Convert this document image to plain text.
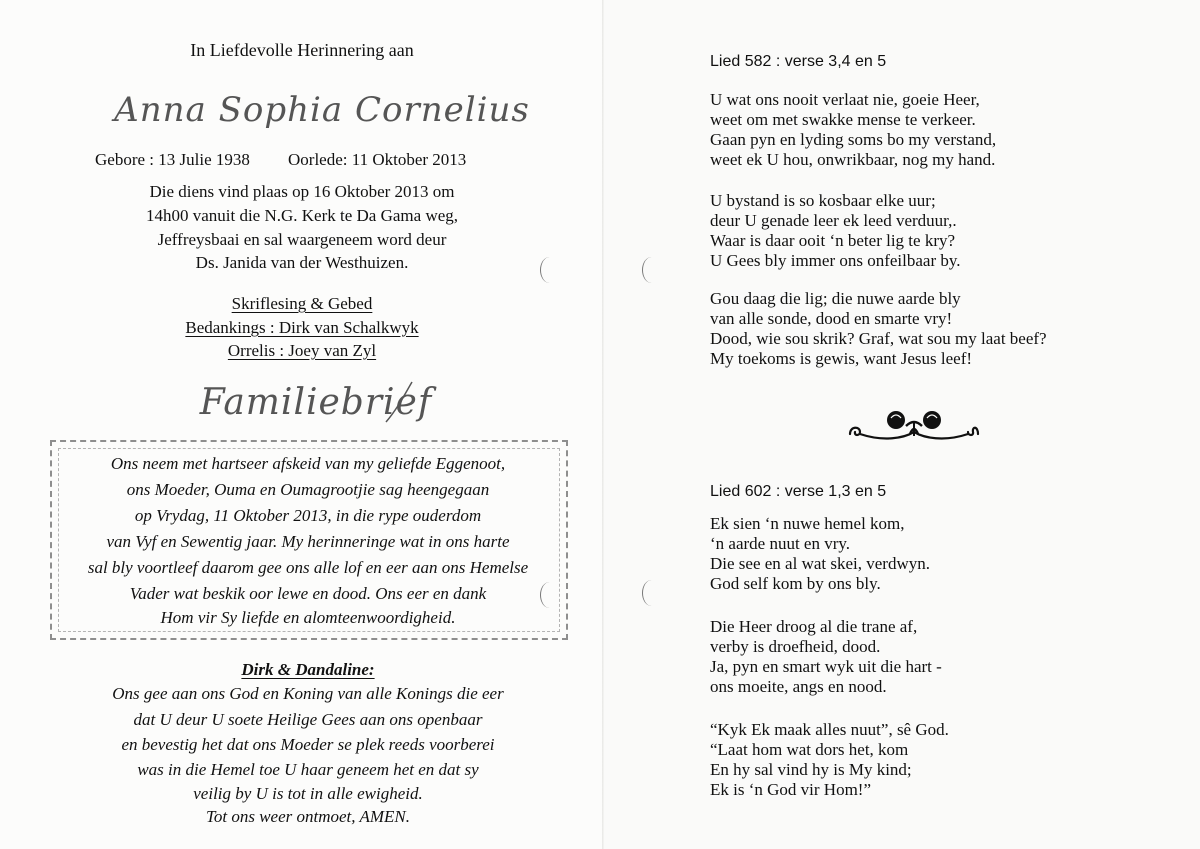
In Liefdevolle Herinnering aan
Anna Sophia Cornelius
Gebore : 13 Julie 1938 Oorlede: 11 Oktober 2013
Die diens vind plaas op 16 Oktober 2013 om
14h00 vanuit die N.G. Kerk te Da Gama weg,
Jeffreysbaai en sal waargeneem word deur
Ds. Janida van der Westhuizen.
Skriflesing & Gebed
Bedankings : Dirk van Schalkwyk
Orrelis : Joey van Zyl
Familiebrief
Ons neem met hartseer afskeid van my geliefde Eggenoot,
ons Moeder, Ouma en Oumagrootjie sag heengegaan
op Vrydag, 11 Oktober 2013, in die rype ouderdom
van Vyf en Sewentig jaar. My herinneringe wat in ons harte
sal bly voortleef daarom gee ons alle lof en eer aan ons Hemelse
Vader wat beskik oor lewe en dood. Ons eer en dank
Hom vir Sy liefde en alomteenwoordigheid.
Dirk & Dandaline:
Ons gee aan ons God en Koning van alle Konings die eer
dat U deur U soete Heilige Gees aan ons openbaar
en bevestig het dat ons Moeder se plek reeds voorberei
was in die Hemel toe U haar geneem het en dat sy
veilig by U is tot in alle ewigheid.
Tot ons weer ontmoet, AMEN.
Lied 582 : verse 3,4 en 5
U wat ons nooit verlaat nie, goeie Heer,
weet om met swakke mense te verkeer.
Gaan pyn en lyding soms bo my verstand,
weet ek U hou, onwrikbaar, nog my hand.
U bystand is so kosbaar elke uur;
deur U genade leer ek leed verduur,.
Waar is daar ooit ‘n beter lig te kry?
U Gees bly immer ons onfeilbaar by.
Gou daag die lig; die nuwe aarde bly
van alle sonde, dood en smarte vry!
Dood, wie sou skrik? Graf, wat sou my laat beef?
My toekoms is gewis, want Jesus leef!
Lied 602 : verse 1,3 en 5
Ek sien ‘n nuwe hemel kom,
‘n aarde nuut en vry.
Die see en al wat skei, verdwyn.
God self kom by ons bly.
Die Heer droog al die trane af,
verby is droefheid, dood.
Ja, pyn en smart wyk uit die hart -
ons moeite, angs en nood.
“Kyk Ek maak alles nuut”, sê God.
“Laat hom wat dors het, kom
En hy sal vind hy is My kind;
Ek is ‘n God vir Hom!”
